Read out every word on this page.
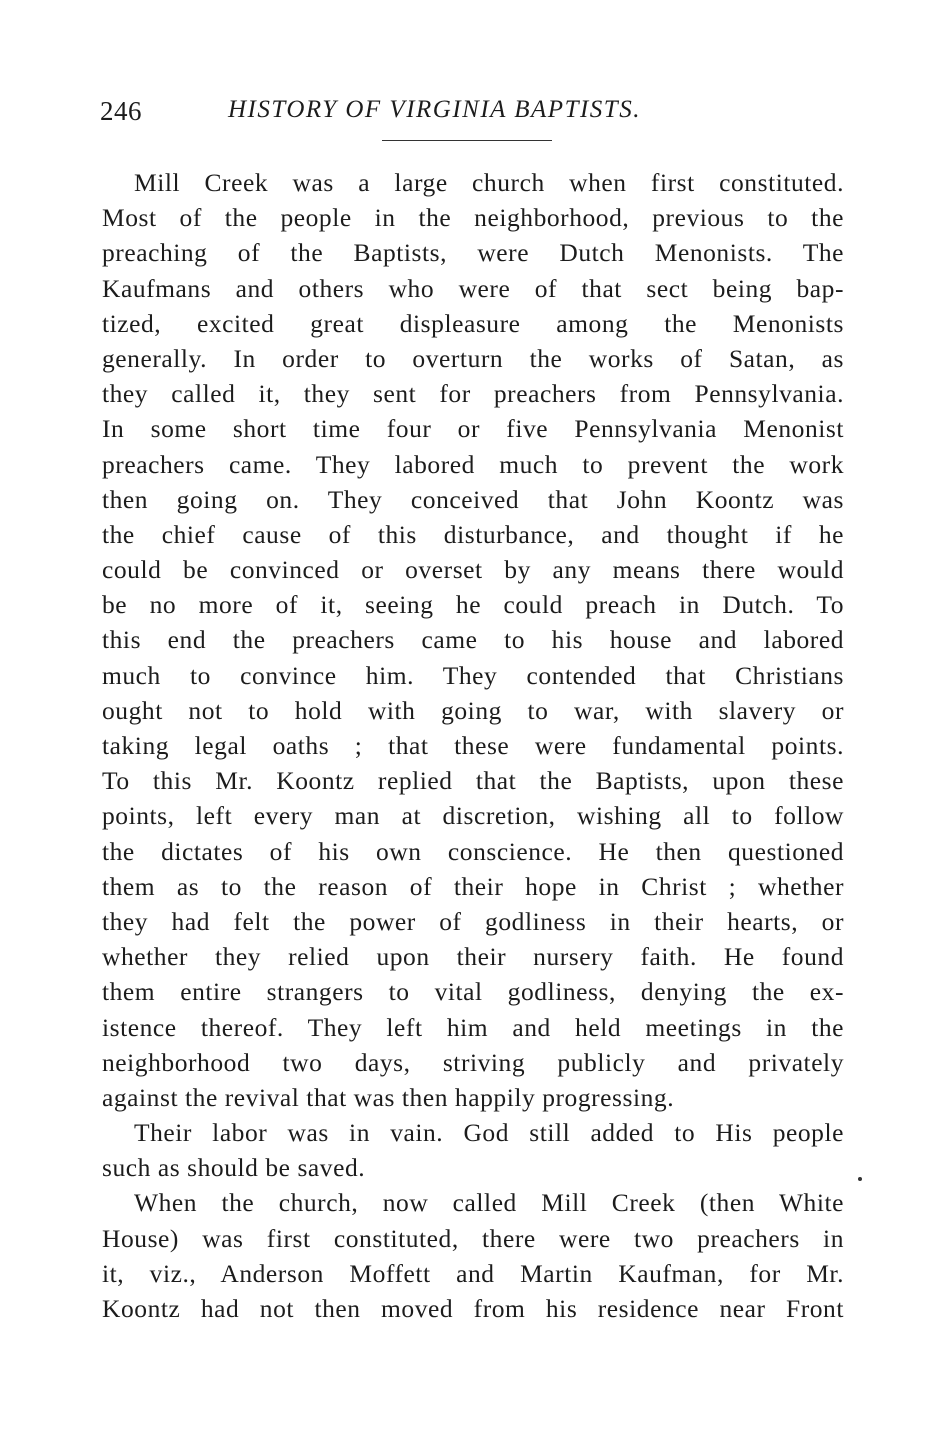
246	HISTORY OF VIRGINIA BAPTISTS.
Mill Creek was a large church when first constituted.
Most of the people in the neighborhood, previous to the
preaching of the Baptists, were Dutch Menonists. The
Kaufmans and others who were of that sect being bap-
tized, excited great displeasure among the Menonists
generally. In order to overturn the works of Satan, as
they called it, they sent for preachers from Pennsylvania.
In some short time four or five Pennsylvania Menonist
preachers came. They labored much to prevent the work
then going on. They conceived that John Koontz was
the chief cause of this disturbance, and thought if he
could be convinced or overset by any means there would
be no more of it, seeing he could preach in Dutch. To
this end the preachers came to his house and labored
much to convince him. They contended that Christians
ought not to hold with going to war, with slavery or
taking legal oaths ; that these were fundamental points.
To this Mr. Koontz replied that the Baptists, upon these
points, left every man at discretion, wishing all to follow
the dictates of his own conscience. He then questioned
them as to the reason of their hope in Christ ; whether
they had felt the power of godliness in their hearts, or
whether they relied upon their nursery faith. He found
them entire strangers to vital godliness, denying the ex-
istence thereof. They left him and held meetings in the
neighborhood two days, striving publicly and privately
against the revival that was then happily progressing.
Their labor was in vain. God still added to His people
such as should be saved.
When the church, now called Mill Creek (then White
House) was first constituted, there were two preachers in
it, viz., Anderson Moffett and Martin Kaufman, for Mr.
Koontz had not then moved from his residence near Front
